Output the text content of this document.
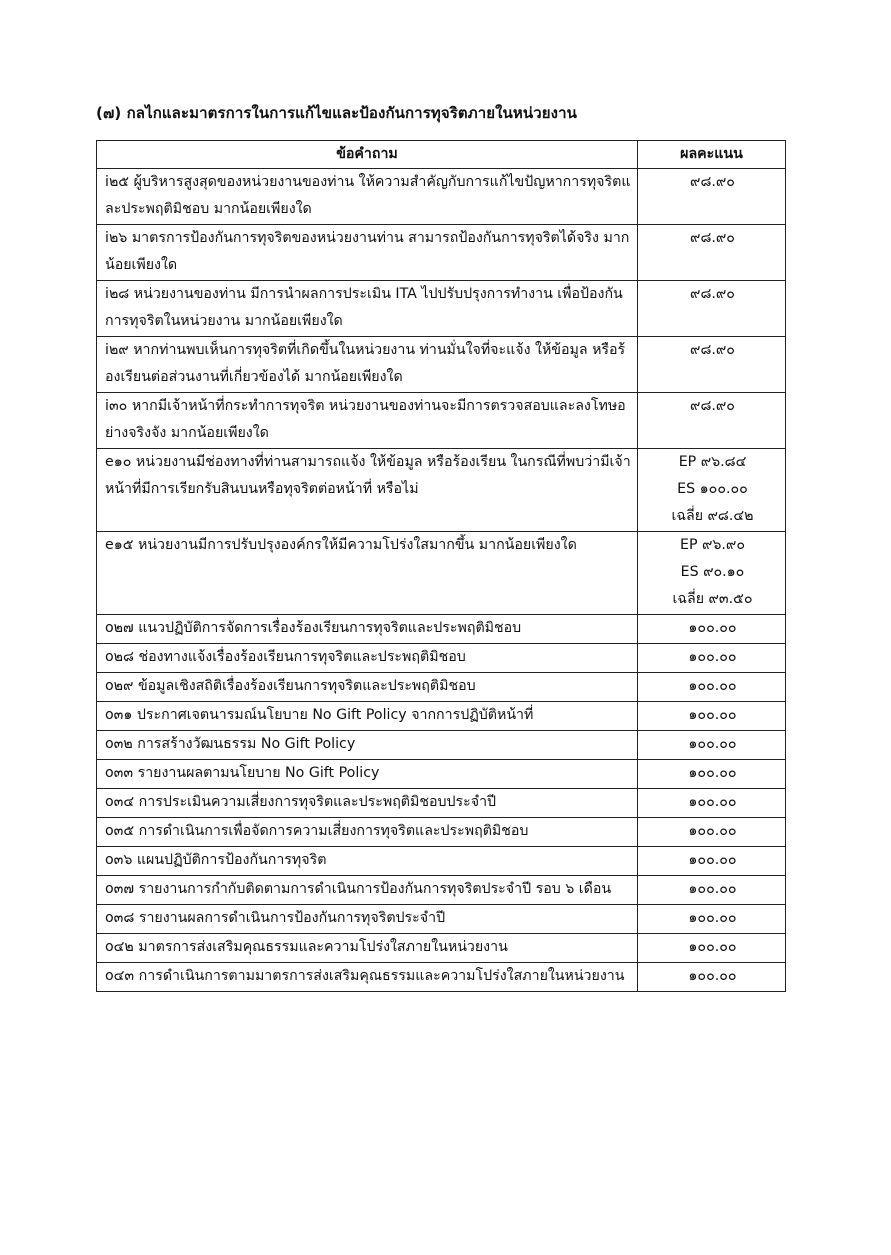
(๗) กลไกและมาตรการในการแก้ไขและป้องกันการทุจริตภายในหน่วยงาน
ข้อคำถาม	ผลคะแนน
i๒๕ ผู้บริหารสูงสุดของหน่วยงานของท่าน ให้ความสำคัญกับการแก้ไขปัญหาการทุจริตและประพฤติมิชอบ มากน้อยเพียงใด	๙๘.๙๐

i๒๖ มาตรการป้องกันการทุจริตของหน่วยงานท่าน สามารถป้องกันการทุจริตได้จริง มากน้อยเพียงใด	๙๘.๙๐

i๒๘ หน่วยงานของท่าน มีการนำผลการประเมิน ITA ไปปรับปรุงการทำงาน เพื่อป้องกันการทุจริตในหน่วยงาน มากน้อยเพียงใด	๙๘.๙๐

i๒๙ หากท่านพบเห็นการทุจริตที่เกิดขึ้นในหน่วยงาน ท่านมั่นใจที่จะแจ้ง ให้ข้อมูล หรือร้องเรียนต่อส่วนงานที่เกี่ยวข้องได้ มากน้อยเพียงใด	๙๘.๙๐

i๓๐ หากมีเจ้าหน้าที่กระทำการทุจริต หน่วยงานของท่านจะมีการตรวจสอบและลงโทษอย่างจริงจัง มากน้อยเพียงใด	๙๘.๙๐

e๑๐ หน่วยงานมีช่องทางที่ท่านสามารถแจ้ง ให้ข้อมูล หรือร้องเรียน ในกรณีที่พบว่ามีเจ้าหน้าที่มีการเรียกรับสินบนหรือทุจริตต่อหน้าที่ หรือไม่	EP ๙๖.๘๔
ES ๑๐๐.๐๐
เฉลี่ย ๙๘.๔๒

e๑๕ หน่วยงานมีการปรับปรุงองค์กรให้มีความโปร่งใสมากขึ้น มากน้อยเพียงใด	EP ๙๖.๙๐
ES ๙๐.๑๐
เฉลี่ย ๙๓.๕๐

o๒๗ แนวปฏิบัติการจัดการเรื่องร้องเรียนการทุจริตและประพฤติมิชอบ	๑๐๐.๐๐

o๒๘ ช่องทางแจ้งเรื่องร้องเรียนการทุจริตและประพฤติมิชอบ	๑๐๐.๐๐

o๒๙ ข้อมูลเชิงสถิติเรื่องร้องเรียนการทุจริตและประพฤติมิชอบ	๑๐๐.๐๐

o๓๑ ประกาศเจตนารมณ์นโยบาย No Gift Policy จากการปฏิบัติหน้าที่	๑๐๐.๐๐

o๓๒ การสร้างวัฒนธรรม No Gift Policy	๑๐๐.๐๐

o๓๓ รายงานผลตามนโยบาย No Gift Policy	๑๐๐.๐๐

o๓๔ การประเมินความเสี่ยงการทุจริตและประพฤติมิชอบประจำปี	๑๐๐.๐๐

o๓๕ การดำเนินการเพื่อจัดการความเสี่ยงการทุจริตและประพฤติมิชอบ	๑๐๐.๐๐

o๓๖ แผนปฏิบัติการป้องกันการทุจริต	๑๐๐.๐๐

o๓๗ รายงานการกำกับติดตามการดำเนินการป้องกันการทุจริตประจำปี รอบ ๖ เดือน	๑๐๐.๐๐

o๓๘ รายงานผลการดำเนินการป้องกันการทุจริตประจำปี	๑๐๐.๐๐

o๔๒ มาตรการส่งเสริมคุณธรรมและความโปร่งใสภายในหน่วยงาน	๑๐๐.๐๐

o๔๓ การดำเนินการตามมาตรการส่งเสริมคุณธรรมและความโปร่งใสภายในหน่วยงาน	๑๐๐.๐๐
